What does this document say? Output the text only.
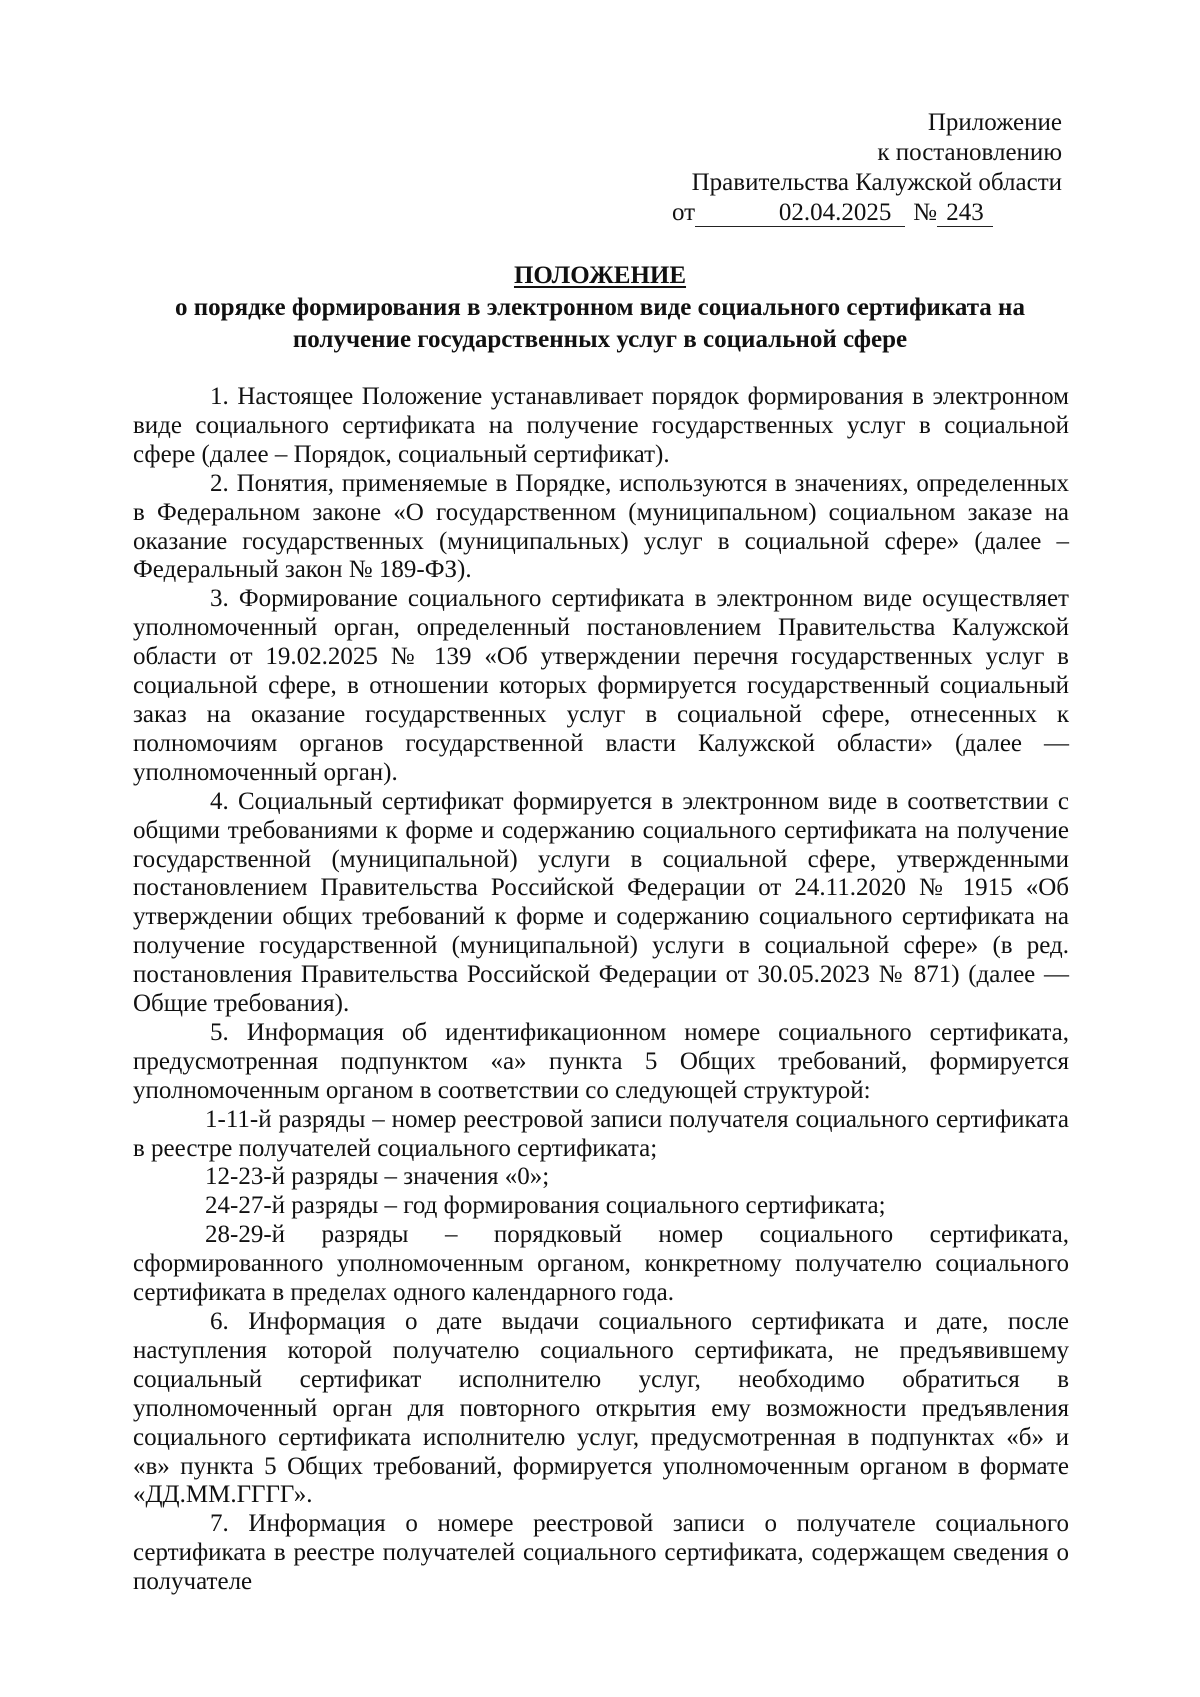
Приложение
к постановлению
Правительства Калужской области
от	02.04.2025 № 243
ПОЛОЖЕНИЕ
о порядке формирования в электронном виде социального сертификата на получение государственных услуг в социальной сфере

1. Настоящее Положение устанавливает порядок формирования в электронном виде социального сертификата на получение государственных услуг в социальной сфере (далее – Порядок, социальный сертификат).

2. Понятия, применяемые в Порядке, используются в значениях, определенных в Федеральном законе «О государственном (муниципальном) социальном заказе на оказание государственных (муниципальных) услуг в социальной сфере» (далее – Федеральный закон № 189-ФЗ).

3. Формирование социального сертификата в электронном виде осуществляет уполномоченный орган, определенный постановлением Правительства Калужской области от 19.02.2025 № 139 «Об утверждении перечня государственных услуг в социальной сфере, в отношении которых формируется государственный социальный заказ на оказание государственных услуг в социальной сфере, отнесенных к полномочиям органов государственной власти Калужской области» (далее — уполномоченный орган).

4. Социальный сертификат формируется в электронном виде в соответствии с общими требованиями к форме и содержанию социального сертификата на получение государственной (муниципальной) услуги в социальной сфере, утвержденными постановлением Правительства Российской Федерации от 24.11.2020 № 1915 «Об утверждении общих требований к форме и содержанию социального сертификата на получение государственной (муниципальной) услуги в социальной сфере» (в ред. постановления Правительства Российской Федерации от 30.05.2023 № 871) (далее — Общие требования).

5. Информация об идентификационном номере социального сертификата, предусмотренная подпунктом «а» пункта 5 Общих требований, формируется уполномоченным органом в соответствии со следующей структурой:

1-11-й разряды – номер реестровой записи получателя социального сертификата в реестре получателей социального сертификата;

12-23-й разряды – значения «0»;

24-27-й разряды – год формирования социального сертификата;

28-29-й разряды – порядковый номер социального сертификата, сформированного уполномоченным органом, конкретному получателю социального сертификата в пределах одного календарного года.

6. Информация о дате выдачи социального сертификата и дате, после наступления которой получателю социального сертификата, не предъявившему социальный сертификат исполнителю услуг, необходимо обратиться в уполномоченный орган для повторного открытия ему возможности предъявления социального сертификата исполнителю услуг, предусмотренная в подпунктах «б» и «в» пункта 5 Общих требований, формируется уполномоченным органом в формате «ДД.ММ.ГГГГ».

7. Информация о номере реестровой записи о получателе социального сертификата в реестре получателей социального сертификата, содержащем сведения о получателе
